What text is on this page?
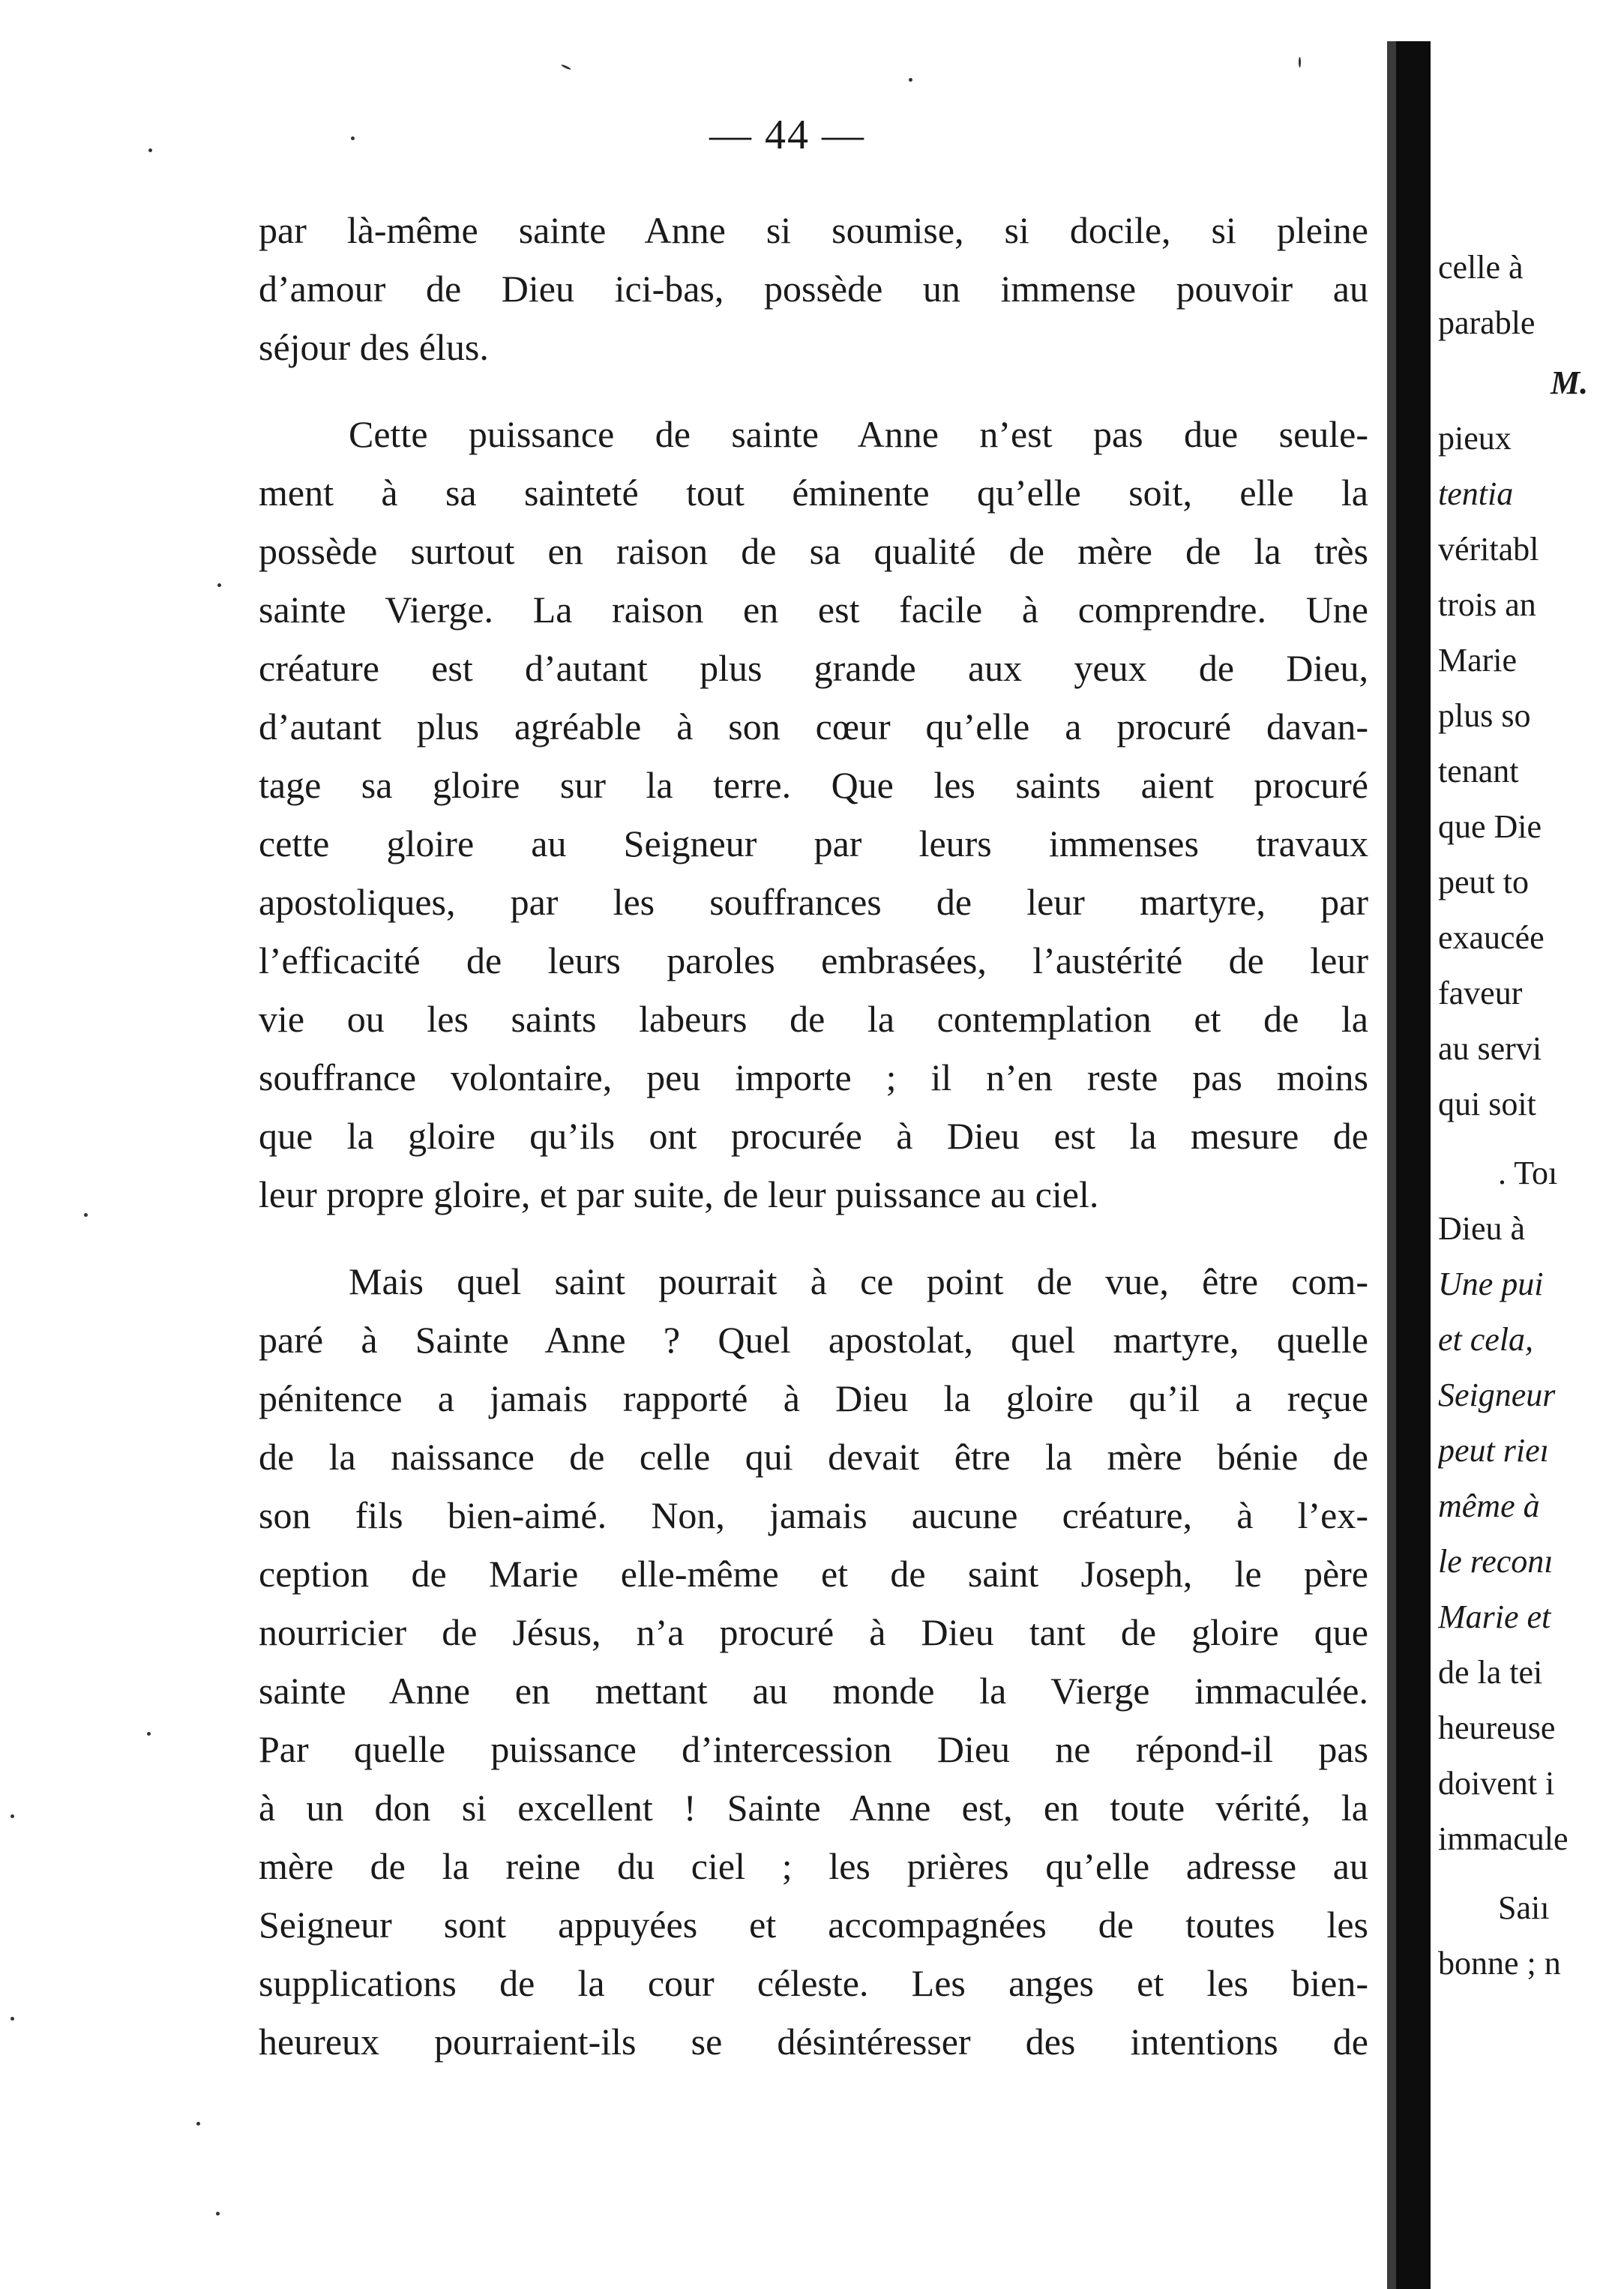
— 44 —
par là-même sainte Anne si soumise, si docile, si pleine
d’amour de Dieu ici-bas, possède un immense pouvoir au
séjour des élus.
Cette puissance de sainte Anne n’est pas due seule-
ment à sa sainteté tout éminente qu’elle soit, elle la
possède surtout en raison de sa qualité de mère de la très
sainte Vierge. La raison en est facile à comprendre. Une
créature est d’autant plus grande aux yeux de Dieu,
d’autant plus agréable à son cœur qu’elle a procuré davan-
tage sa gloire sur la terre. Que les saints aient procuré
cette gloire au Seigneur par leurs immenses travaux
apostoliques, par les souffrances de leur martyre, par
l’efficacité de leurs paroles embrasées, l’austérité de leur
vie ou les saints labeurs de la contemplation et de la
souffrance volontaire, peu importe ; il n’en reste pas moins
que la gloire qu’ils ont procurée à Dieu est la mesure de
leur propre gloire, et par suite, de leur puissance au ciel.
Mais quel saint pourrait à ce point de vue, être com-
paré à Sainte Anne ? Quel apostolat, quel martyre, quelle
pénitence a jamais rapporté à Dieu la gloire qu’il a reçue
de la naissance de celle qui devait être la mère bénie de
son fils bien-aimé. Non, jamais aucune créature, à l’ex-
ception de Marie elle-même et de saint Joseph, le père
nourricier de Jésus, n’a procuré à Dieu tant de gloire que
sainte Anne en mettant au monde la Vierge immaculée.
Par quelle puissance d’intercession Dieu ne répond-il pas
à un don si excellent ! Sainte Anne est, en toute vérité, la
mère de la reine du ciel ; les prières qu’elle adresse au
Seigneur sont appuyées et accompagnées de toutes les
supplications de la cour céleste. Les anges et les bien-
heureux pourraient-ils se désintéresser des intentions de
celle à
parable
M.
pieux
tentia
véritabl
trois an
Marie
plus so
tenant
que Die
peut to
exaucée
faveur
au servi
qui soit
. Toı
Dieu à
Une pui
et cela,
Seigneur
peut rieı
même à
le reconı
Marie et
de la tei
heureuse
doivent i
immacule
Saiı
bonne ; n
